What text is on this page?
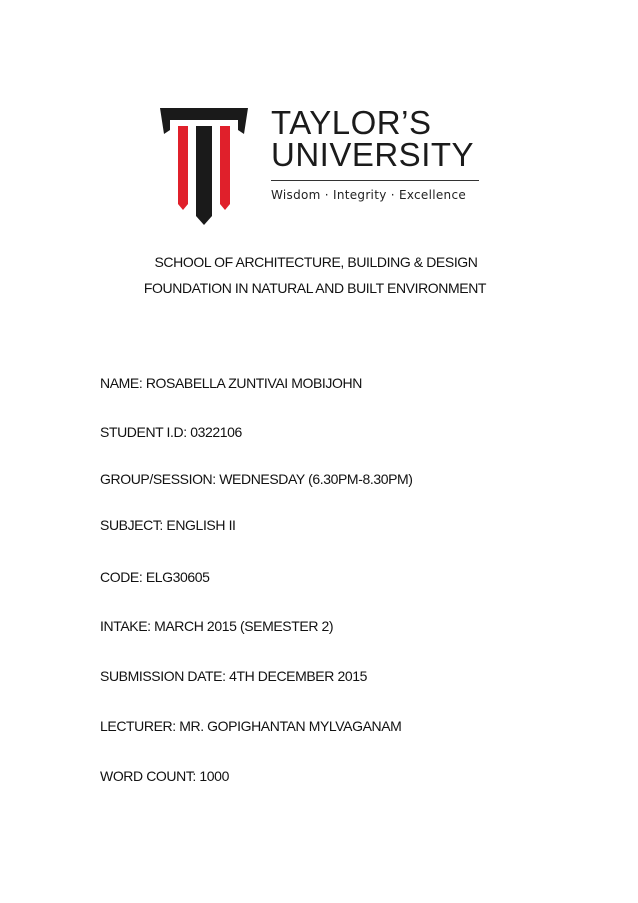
TAYLOR’S
UNIVERSITY
Wisdom · Integrity · Excellence
SCHOOL OF ARCHITECTURE, BUILDING & DESIGN
FOUNDATION IN NATURAL AND BUILT ENVIRONMENT
NAME: ROSABELLA ZUNTIVAI MOBIJOHN
STUDENT I.D: 0322106
GROUP/SESSION: WEDNESDAY (6.30PM-8.30PM)
SUBJECT: ENGLISH II
CODE: ELG30605
INTAKE: MARCH 2015 (SEMESTER 2)
SUBMISSION DATE: 4TH DECEMBER 2015
LECTURER: MR. GOPIGHANTAN MYLVAGANAM
WORD COUNT: 1000
